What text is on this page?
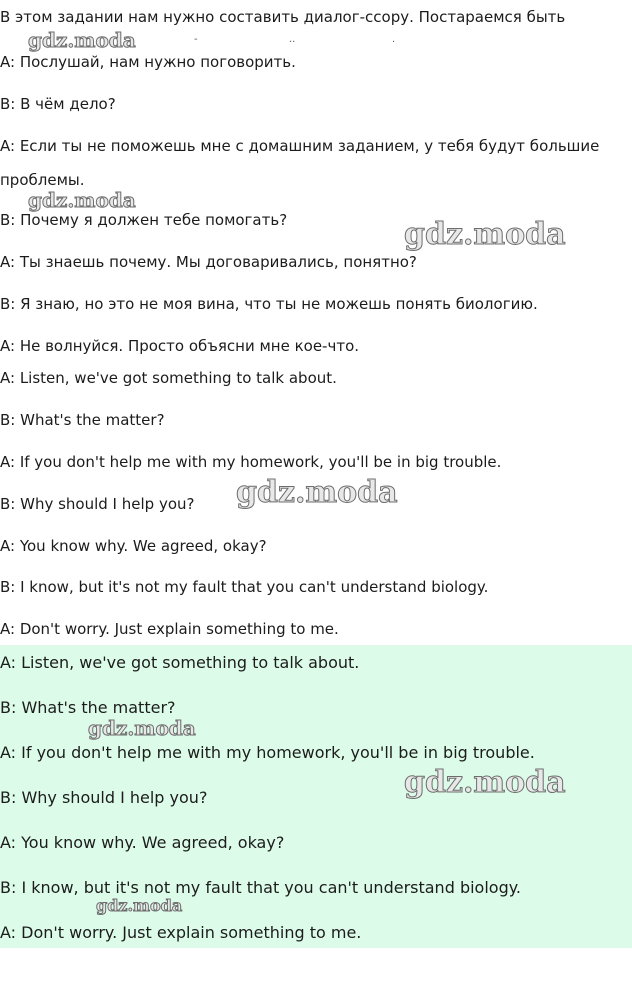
В этом задании нам нужно составить диалог-ссору. Постараемся быть
-	..	.
A: Послушай, нам нужно поговорить.
B: В чём дело?
A: Если ты не поможешь мне с домашним заданием, у тебя будут большие
проблемы.
B: Почему я должен тебе помогать?
A: Ты знаешь почему. Мы договаривались, понятно?
B: Я знаю, но это не моя вина, что ты не можешь понять биологию.
A: Не волнуйся. Просто объясни мне кое-что.
A: Listen, we've got something to talk about.
B: What's the matter?
A: If you don't help me with my homework, you'll be in big trouble.
B: Why should I help you?
A: You know why. We agreed, okay?
B: I know, but it's not my fault that you can't understand biology.
A: Don't worry. Just explain something to me.
A: Listen, we've got something to talk about.
B: What's the matter?
A: If you don't help me with my homework, you'll be in big trouble.
B: Why should I help you?
A: You know why. We agreed, okay?
B: I know, but it's not my fault that you can't understand biology.
A: Don't worry. Just explain something to me.
gdz.moda
gdz.moda
gdz.moda
gdz.moda
gdz.moda
gdz.moda
gdz.moda
